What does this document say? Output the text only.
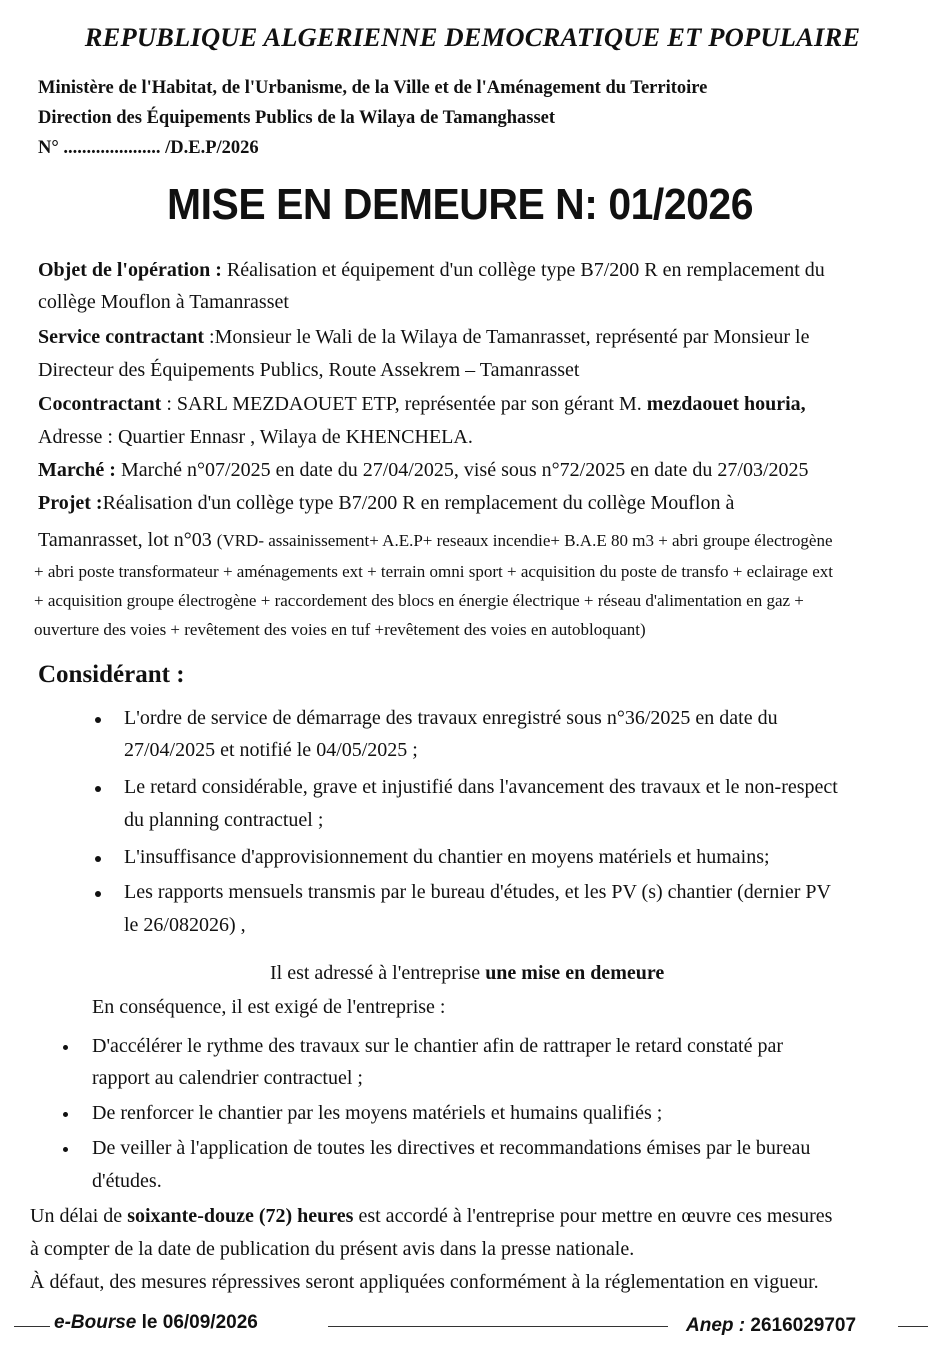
REPUBLIQUE ALGERIENNE DEMOCRATIQUE ET POPULAIRE
Ministère de l'Habitat, de l'Urbanisme, de la Ville et de l'Aménagement du Territoire
Direction des Équipements Publics de la Wilaya de Tamanghasset
N° ..................... /D.E.P/2026
MISE EN DEMEURE N: 01/2026
Objet de l'opération : Réalisation et équipement d'un collège type B7/200 R en remplacement du
collège Mouflon à Tamanrasset
Service contractant :Monsieur le Wali de la Wilaya de Tamanrasset, représenté par Monsieur le
Directeur des Équipements Publics, Route Assekrem – Tamanrasset
Cocontractant : SARL MEZDAOUET ETP, représentée par son gérant M. mezdaouet houria,
Adresse : Quartier Ennasr , Wilaya de KHENCHELA.
Marché : Marché n°07/2025 en date du 27/04/2025, visé sous n°72/2025 en date du 27/03/2025
Projet :Réalisation d'un collège type B7/200 R en remplacement du collège Mouflon à
Tamanrasset, lot n°03 (VRD- assainissement+ A.E.P+ reseaux incendie+ B.A.E 80 m3 + abri groupe électrogène
+ abri poste transformateur + aménagements ext + terrain omni sport + acquisition du poste de transfo + eclairage ext
+ acquisition groupe électrogène + raccordement des blocs en énergie électrique + réseau d'alimentation en gaz +
ouverture des voies + revêtement des voies en tuf +revêtement des voies en autobloquant)
Considérant :
L'ordre de service de démarrage des travaux enregistré sous n°36/2025 en date du
27/04/2025 et notifié le 04/05/2025 ;
Le retard considérable, grave et injustifié dans l'avancement des travaux et le non-respect
du planning contractuel ;
L'insuffisance d'approvisionnement du chantier en moyens matériels et humains;
Les rapports mensuels transmis par le bureau d'études, et les PV (s) chantier (dernier PV
le 26/082026) ,
Il est adressé à l'entreprise une mise en demeure
En conséquence, il est exigé de l'entreprise :
D'accélérer le rythme des travaux sur le chantier afin de rattraper le retard constaté par
rapport au calendrier contractuel ;
De renforcer le chantier par les moyens matériels et humains qualifiés ;
De veiller à l'application de toutes les directives et recommandations émises par le bureau
d'études.
Un délai de soixante-douze (72) heures est accordé à l'entreprise pour mettre en œuvre ces mesures
à compter de la date de publication du présent avis dans la presse nationale.
À défaut, des mesures répressives seront appliquées conformément à la réglementation en vigueur.
e-Bourse le 06/09/2026	Anep : 2616029707
